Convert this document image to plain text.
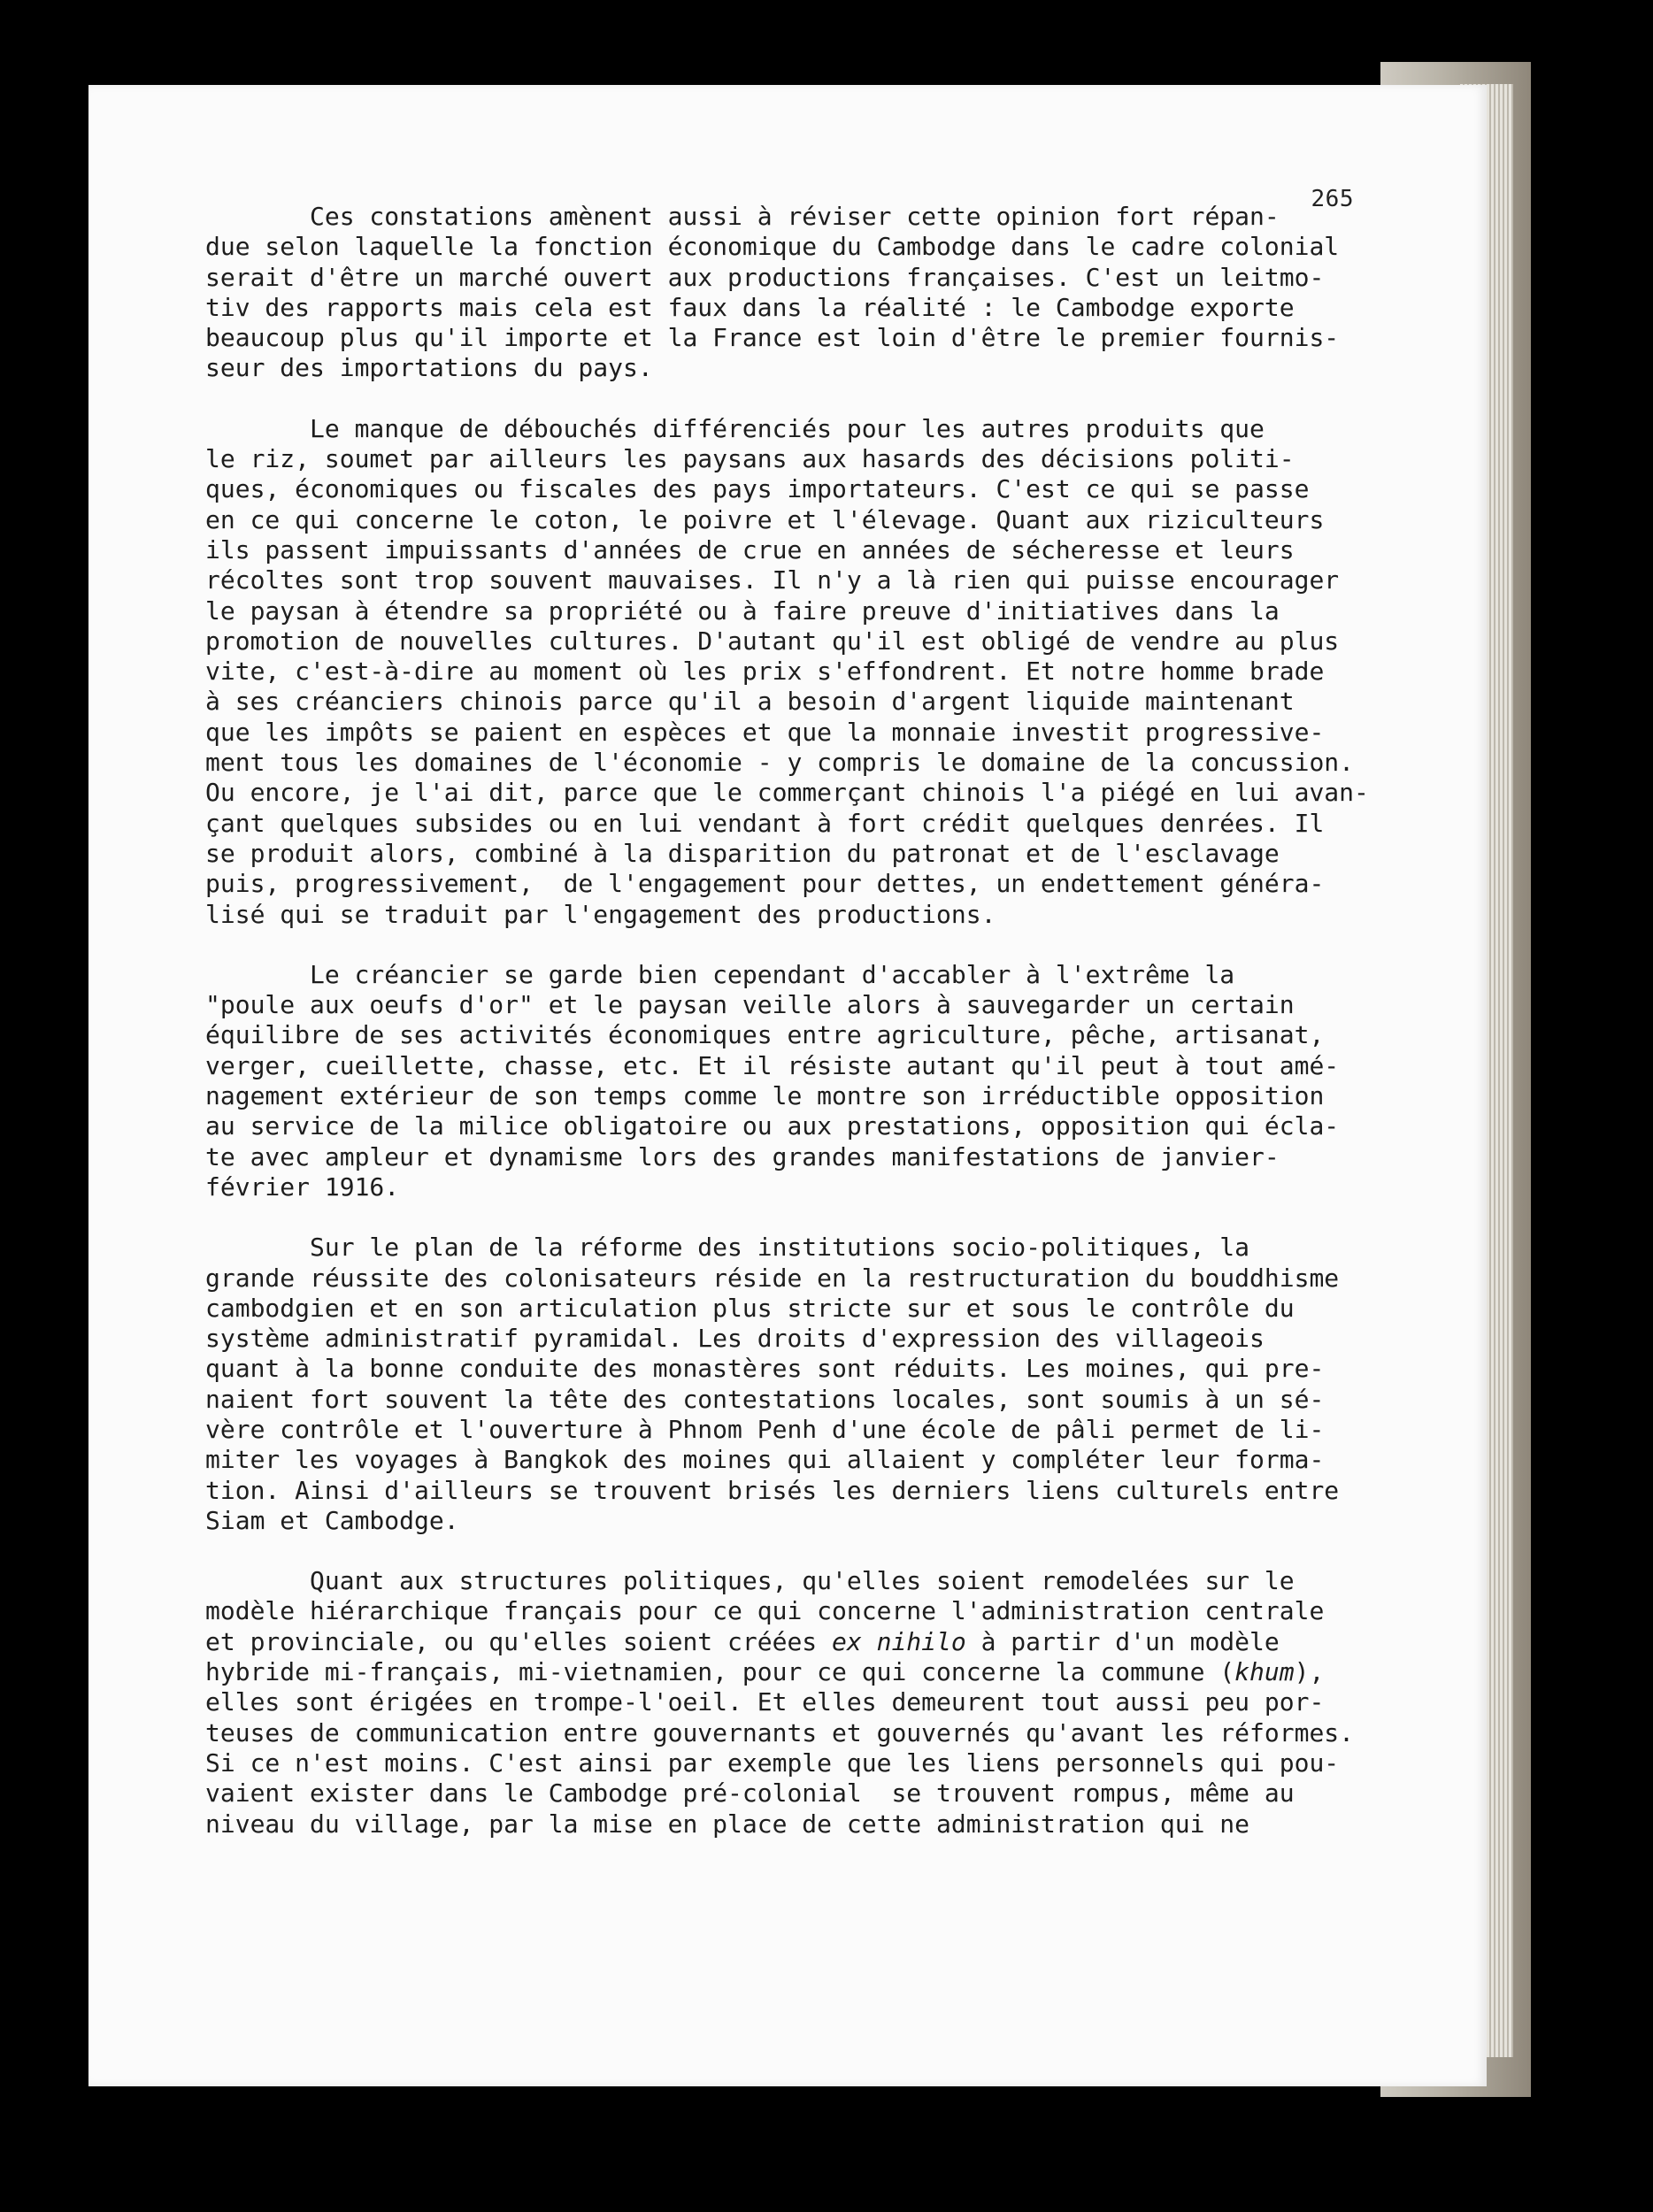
265
Ces constations amènent aussi à réviser cette opinion fort répan-
due selon laquelle la fonction économique du Cambodge dans le cadre colonial
serait d'être un marché ouvert aux productions françaises. C'est un leitmo-
tiv des rapports mais cela est faux dans la réalité : le Cambodge exporte
beaucoup plus qu'il importe et la France est loin d'être le premier fournis-
seur des importations du pays.
Le manque de débouchés différenciés pour les autres produits que
le riz, soumet par ailleurs les paysans aux hasards des décisions politi-
ques, économiques ou fiscales des pays importateurs. C'est ce qui se passe
en ce qui concerne le coton, le poivre et l'élevage. Quant aux riziculteurs
ils passent impuissants d'années de crue en années de sécheresse et leurs
récoltes sont trop souvent mauvaises. Il n'y a là rien qui puisse encourager
le paysan à étendre sa propriété ou à faire preuve d'initiatives dans la
promotion de nouvelles cultures. D'autant qu'il est obligé de vendre au plus
vite, c'est-à-dire au moment où les prix s'effondrent. Et notre homme brade
à ses créanciers chinois parce qu'il a besoin d'argent liquide maintenant
que les impôts se paient en espèces et que la monnaie investit progressive-
ment tous les domaines de l'économie - y compris le domaine de la concussion.
Ou encore, je l'ai dit, parce que le commerçant chinois l'a piégé en lui avan-
çant quelques subsides ou en lui vendant à fort crédit quelques denrées. Il
se produit alors, combiné à la disparition du patronat et de l'esclavage
puis, progressivement,  de l'engagement pour dettes, un endettement généra-
lisé qui se traduit par l'engagement des productions.
Le créancier se garde bien cependant d'accabler à l'extrême la
"poule aux oeufs d'or" et le paysan veille alors à sauvegarder un certain
équilibre de ses activités économiques entre agriculture, pêche, artisanat,
verger, cueillette, chasse, etc. Et il résiste autant qu'il peut à tout amé-
nagement extérieur de son temps comme le montre son irréductible opposition
au service de la milice obligatoire ou aux prestations, opposition qui écla-
te avec ampleur et dynamisme lors des grandes manifestations de janvier-
février 1916.
Sur le plan de la réforme des institutions socio-politiques, la
grande réussite des colonisateurs réside en la restructuration du bouddhisme
cambodgien et en son articulation plus stricte sur et sous le contrôle du
système administratif pyramidal. Les droits d'expression des villageois
quant à la bonne conduite des monastères sont réduits. Les moines, qui pre-
naient fort souvent la tête des contestations locales, sont soumis à un sé-
vère contrôle et l'ouverture à Phnom Penh d'une école de pâli permet de li-
miter les voyages à Bangkok des moines qui allaient y compléter leur forma-
tion. Ainsi d'ailleurs se trouvent brisés les derniers liens culturels entre
Siam et Cambodge.
Quant aux structures politiques, qu'elles soient remodelées sur le
modèle hiérarchique français pour ce qui concerne l'administration centrale
et provinciale, ou qu'elles soient créées ex nihilo à partir d'un modèle
hybride mi-français, mi-vietnamien, pour ce qui concerne la commune (khum),
elles sont érigées en trompe-l'oeil. Et elles demeurent tout aussi peu por-
teuses de communication entre gouvernants et gouvernés qu'avant les réformes.
Si ce n'est moins. C'est ainsi par exemple que les liens personnels qui pou-
vaient exister dans le Cambodge pré-colonial  se trouvent rompus, même au
niveau du village, par la mise en place de cette administration qui ne
